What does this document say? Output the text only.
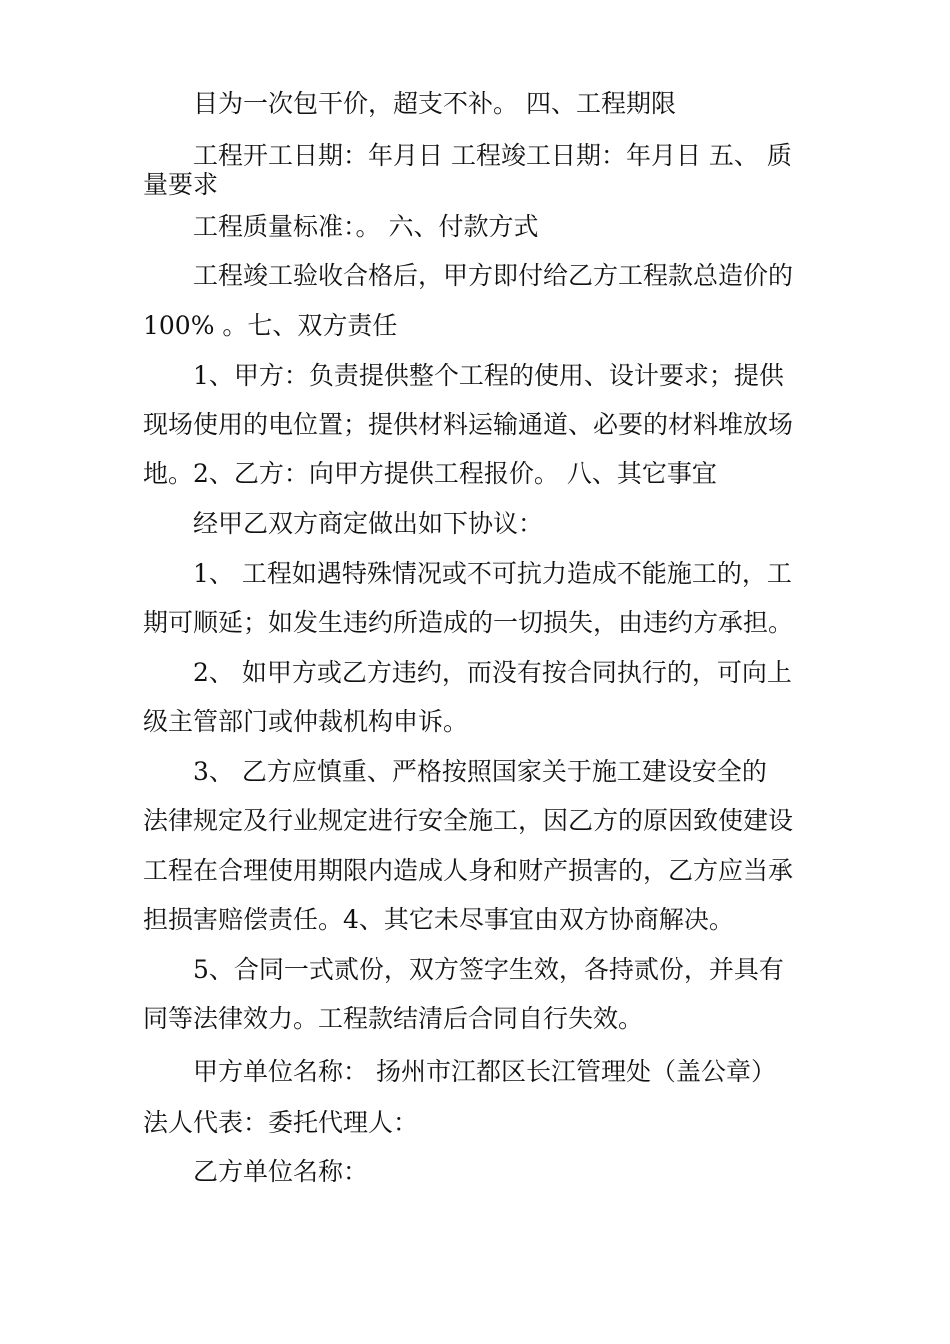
目为一次包干价，超支不补。 四、工程期限
工程开工日期：年月日 工程竣工日期：年月日 五、 质
量要求
工程质量标准：。 六、付款方式
工程竣工验收合格后，甲方即付给乙方工程款总造价的
100% 。七、双方责任
1、甲方：负责提供整个工程的使用、设计要求；提供
现场使用的电位置；提供材料运输通道、必要的材料堆放场
地。2、乙方：向甲方提供工程报价。 八、其它事宜
经甲乙双方商定做出如下协议：
1、 工程如遇特殊情况或不可抗力造成不能施工的，工
期可顺延；如发生违约所造成的一切损失，由违约方承担。
2、 如甲方或乙方违约，而没有按合同执行的，可向上
级主管部门或仲裁机构申诉。
3、 乙方应慎重、严格按照国家关于施工建设安全的
法律规定及行业规定进行安全施工，因乙方的原因致使建设
工程在合理使用期限内造成人身和财产损害的，乙方应当承
担损害赔偿责任。4、其它未尽事宜由双方协商解决。
5、合同一式贰份，双方签字生效，各持贰份，并具有
同等法律效力。工程款结清后合同自行失效。
甲方单位名称： 扬州市江都区长江管理处（盖公章）
法人代表：委托代理人：
乙方单位名称：
